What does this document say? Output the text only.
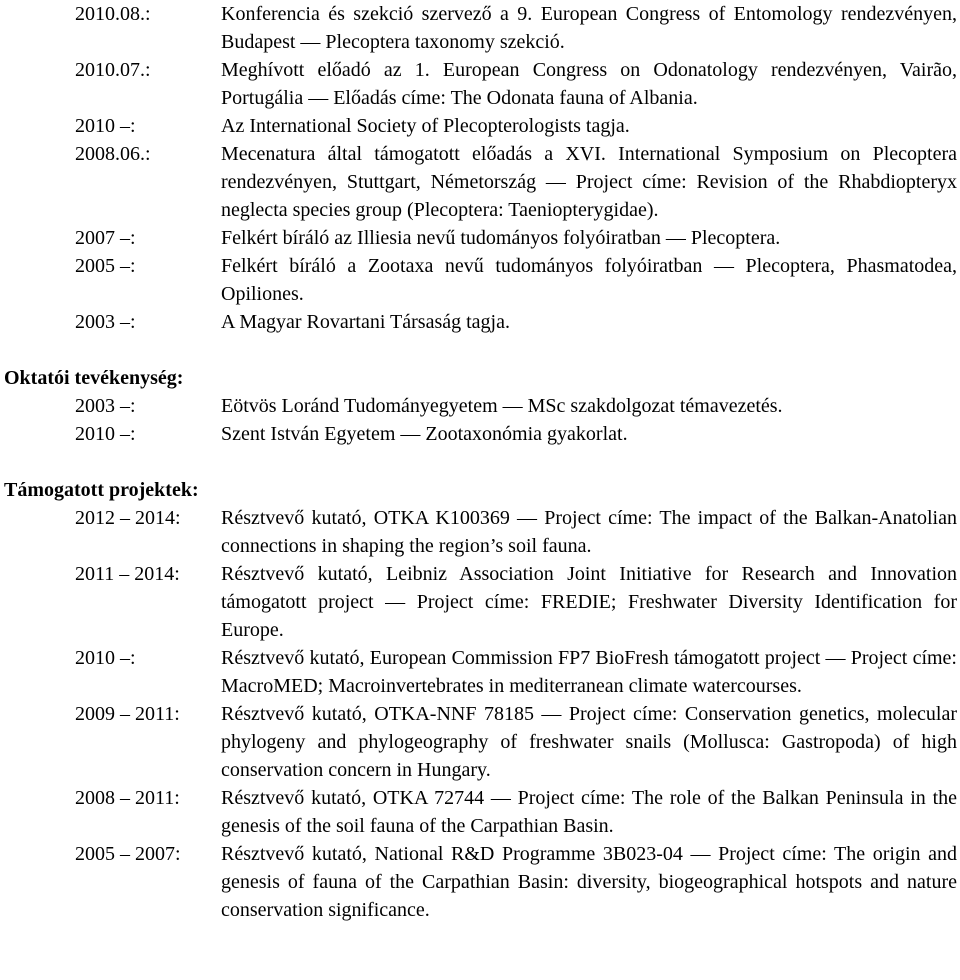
2010.08.:	Konferencia és szekció szervező a 9. European Congress of Entomology rendezvényen, Budapest — Plecoptera taxonomy szekció.
2010.07.:	Meghívott előadó az 1. European Congress on Odonatology rendezvényen, Vairão, Portugália — Előadás címe: The Odonata fauna of Albania.
2010 –:	Az International Society of Plecopterologists tagja.
2008.06.:	Mecenatura által támogatott előadás a XVI. International Symposium on Plecoptera rendezvényen, Stuttgart, Németország — Project címe: Revision of the Rhabdiopteryx neglecta species group (Plecoptera: Taeniopterygidae).
2007 –:	Felkért bíráló az Illiesia nevű tudományos folyóiratban — Plecoptera.
2005 –:	Felkért bíráló a Zootaxa nevű tudományos folyóiratban — Plecoptera, Phasmatodea, Opiliones.
2003 –:	A Magyar Rovartani Társaság tagja.
Oktatói tevékenység:
2003 –:	Eötvös Loránd Tudományegyetem — MSc szakdolgozat témavezetés.
2010 –:	Szent István Egyetem — Zootaxonómia gyakorlat.
Támogatott projektek:
2012 – 2014: Résztvevő kutató, OTKA K100369 — Project címe: The impact of the Balkan-Anatolian connections in shaping the region’s soil fauna.
2011 – 2014: Résztvevő kutató, Leibniz Association Joint Initiative for Research and Innovation támogatott project — Project címe: FREDIE; Freshwater Diversity Identification for Europe.
2010 –:	Résztvevő kutató, European Commission FP7 BioFresh támogatott project — Project címe: MacroMED; Macroinvertebrates in mediterranean climate watercourses.
2009 – 2011: Résztvevő kutató, OTKA-NNF 78185 — Project címe: Conservation genetics, molecular phylogeny and phylogeography of freshwater snails (Mollusca: Gastropoda) of high conservation concern in Hungary.
2008 – 2011: Résztvevő kutató, OTKA 72744 — Project címe: The role of the Balkan Peninsula in the genesis of the soil fauna of the Carpathian Basin.
2005 – 2007: Résztvevő kutató, National R&D Programme 3B023-04 — Project címe: The origin and genesis of fauna of the Carpathian Basin: diversity, biogeographical hotspots and nature conservation significance.
